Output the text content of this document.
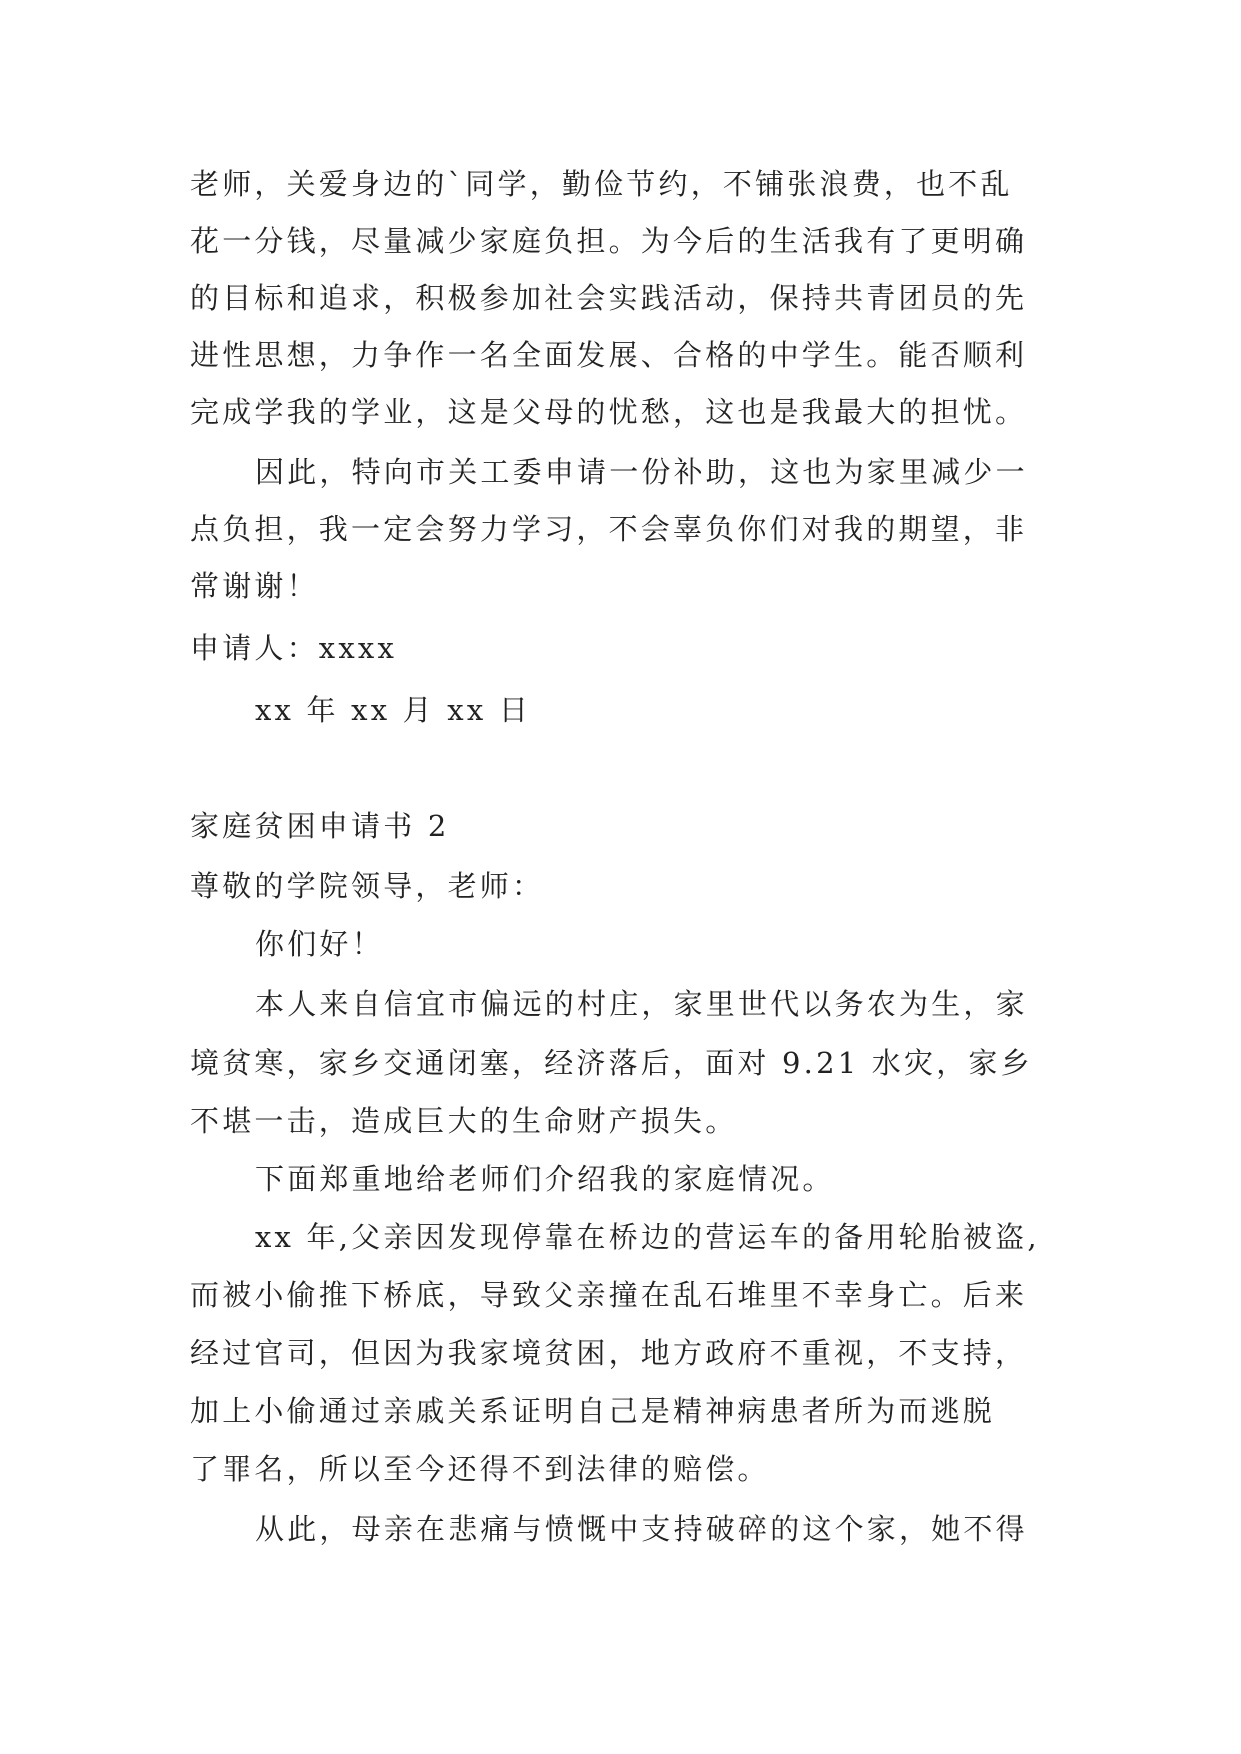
老师，关爱身边的`同学，勤俭节约，不铺张浪费，也不乱
花一分钱，尽量减少家庭负担。为今后的生活我有了更明确
的目标和追求，积极参加社会实践活动，保持共青团员的先
进性思想，力争作一名全面发展、合格的中学生。能否顺利
完成学我的学业，这是父母的忧愁，这也是我最大的担忧。
因此，特向市关工委申请一份补助，这也为家里减少一
点负担，我一定会努力学习，不会辜负你们对我的期望，非
常谢谢！
申请人：xxxx
xx 年 xx 月 xx 日
家庭贫困申请书 2
尊敬的学院领导，老师：
你们好！
本人来自信宜市偏远的村庄，家里世代以务农为生，家
境贫寒，家乡交通闭塞，经济落后，面对 9.21 水灾，家乡
不堪一击，造成巨大的生命财产损失。
下面郑重地给老师们介绍我的家庭情况。
xx 年,父亲因发现停靠在桥边的营运车的备用轮胎被盗,
而被小偷推下桥底，导致父亲撞在乱石堆里不幸身亡。后来
经过官司，但因为我家境贫困，地方政府不重视，不支持，
加上小偷通过亲戚关系证明自己是精神病患者所为而逃脱
了罪名，所以至今还得不到法律的赔偿。
从此，母亲在悲痛与愤慨中支持破碎的这个家，她不得
